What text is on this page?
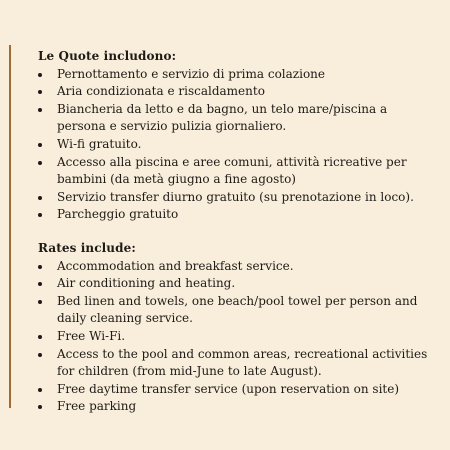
Le Quote includono:
Pernottamento e servizio di prima colazione
Aria condizionata e riscaldamento
Biancheria da letto e da bagno, un telo mare/piscina a persona e servizio pulizia giornaliero.
Wi-fi gratuito.
Accesso alla piscina e aree comuni, attività ricreative per bambini (da metà giugno a fine agosto)
Servizio transfer diurno gratuito (su prenotazione in loco).
Parcheggio gratuito
Rates include:
Accommodation and breakfast service.
Air conditioning and heating.
Bed linen and towels, one beach/pool towel per person and daily cleaning service.
Free Wi-Fi.
Access to the pool and common areas, recreational activities for children (from mid-June to late August).
Free daytime transfer service (upon reservation on site)
Free parking
